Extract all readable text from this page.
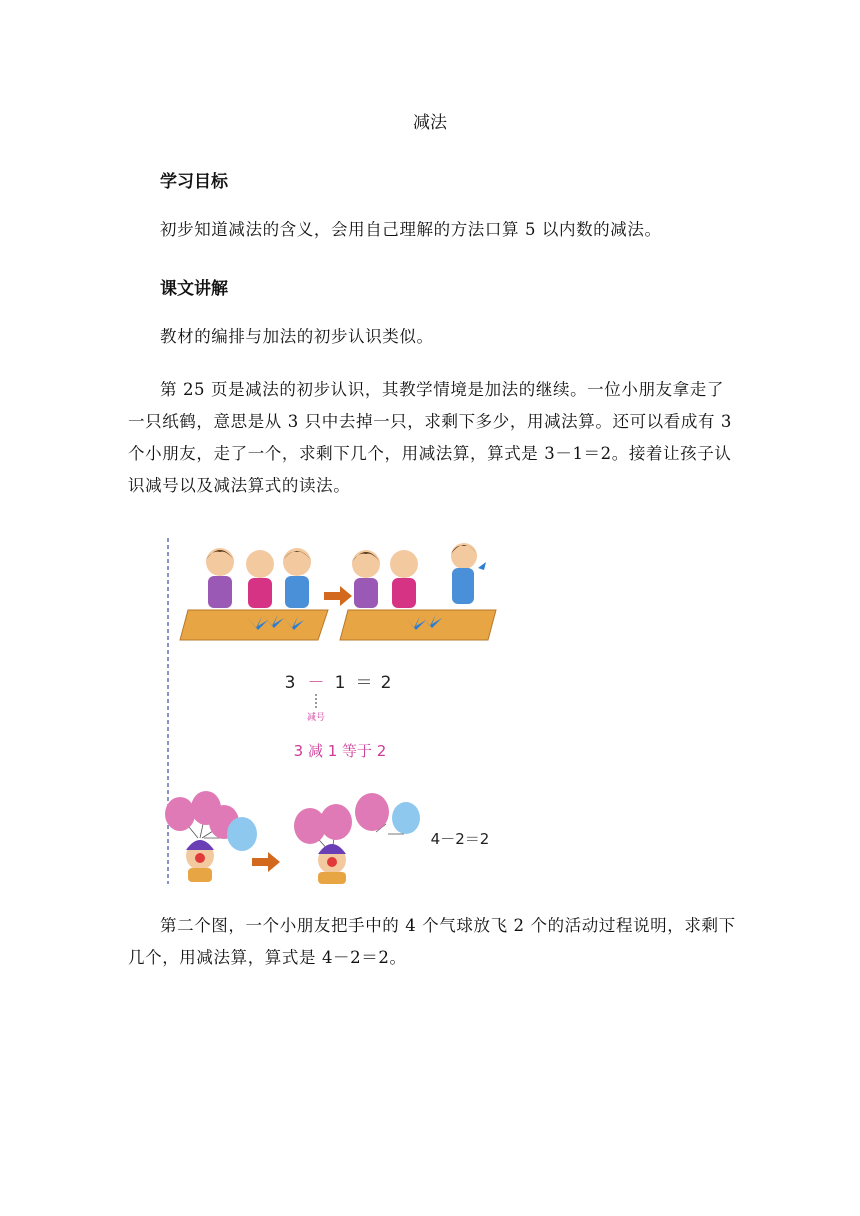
减法
学习目标
初步知道减法的含义，会用自己理解的方法口算 5 以内数的减法。
课文讲解
教材的编排与加法的初步认识类似。
第 25 页是减法的初步认识，其教学情境是加法的继续。一位小朋友拿走了一只纸鹤，意思是从 3 只中去掉一只，求剩下多少，用减法算。还可以看成有 3 个小朋友，走了一个，求剩下几个，用减法算，算式是 3－1＝2。接着让孩子认识减号以及减法算式的读法。
3 － 1 ＝ 2
减号
3 减 1 等于 2
4－2＝2
第二个图，一个小朋友把手中的 4 个气球放飞 2 个的活动过程说明，求剩下几个，用减法算，算式是 4－2＝2。
